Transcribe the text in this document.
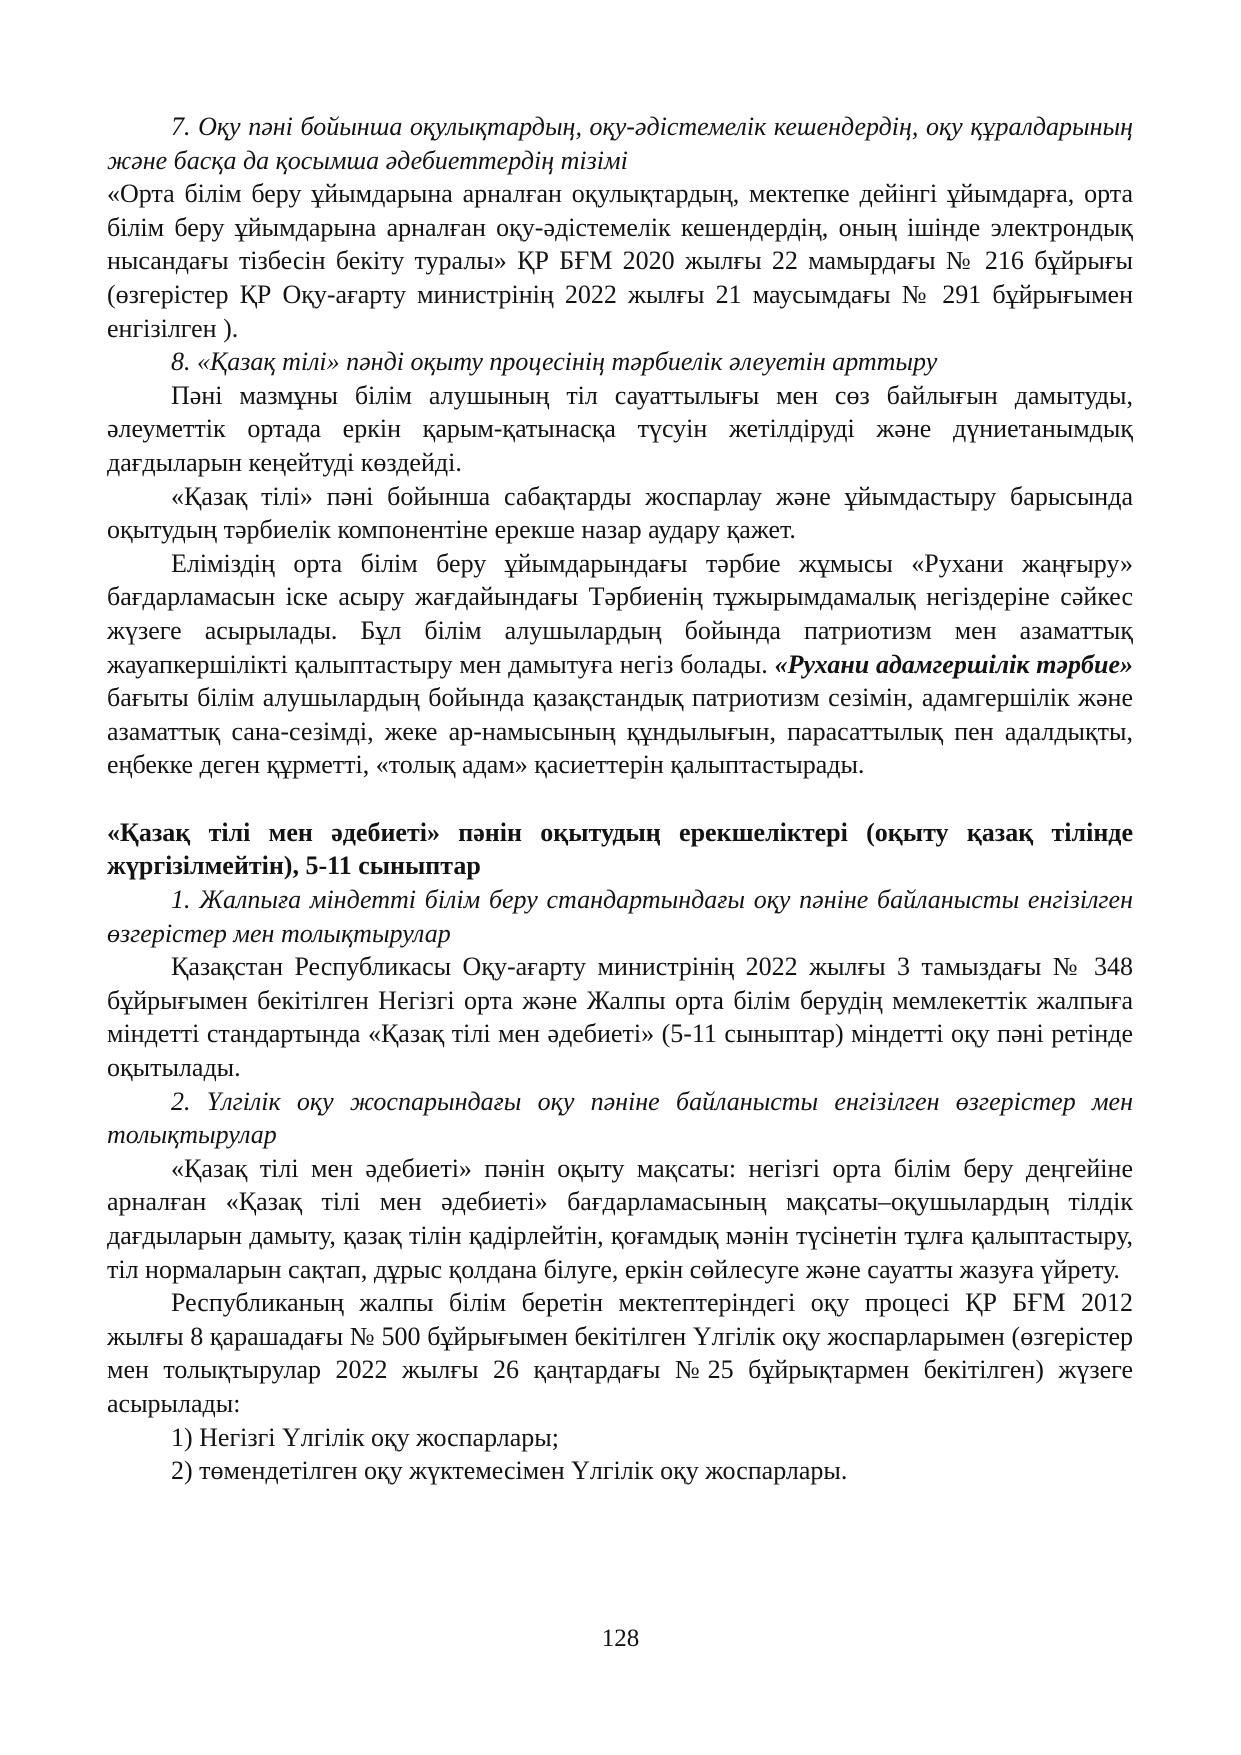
7. Оқу пәні бойынша оқулықтардың, оқу-әдістемелік кешендердің, оқу құралдарының және басқа да қосымша әдебиеттердің тізімі

«Орта білім беру ұйымдарына арналған оқулықтардың, мектепке дейінгі ұйымдарға, орта білім беру ұйымдарына арналған оқу-әдістемелік кешендердің, оның ішінде электрондық нысандағы тізбесін бекіту туралы» ҚР БҒМ 2020 жылғы 22 мамырдағы № 216 бұйрығы (өзгерістер ҚР Оқу-ағарту министрінің 2022 жылғы 21 маусымдағы № 291 бұйрығымен енгізілген ).

8. «Қазақ тілі» пәнді оқыту процесінің тәрбиелік әлеуетін арттыру

Пәні мазмұны білім алушының тіл сауаттылығы мен сөз байлығын дамытуды, әлеуметтік ортада еркін қарым-қатынасқа түсуін жетілдіруді және дүниетанымдық дағдыларын кеңейтуді көздейді.

«Қазақ тілі» пәні бойынша сабақтарды жоспарлау және ұйымдастыру барысында оқытудың тәрбиелік компонентіне ерекше назар аудару қажет.

Еліміздің орта білім беру ұйымдарындағы тәрбие жұмысы «Рухани жаңғыру» бағдарламасын іске асыру жағдайындағы Тәрбиенің тұжырымдамалық негіздеріне сәйкес жүзеге асырылады. Бұл білім алушылардың бойында патриотизм мен азаматтық жауапкершілікті қалыптастыру мен дамытуға негіз болады. «Рухани адамгершілік тәрбие» бағыты білім алушылардың бойында қазақстандық патриотизм сезімін, адамгершілік және азаматтық сана-сезімді, жеке ар-намысының құндылығын, парасаттылық пен адалдықты, еңбекке деген құрметті, «толық адам» қасиеттерін қалыптастырады.

«Қазақ тілі мен әдебиеті» пәнін оқытудың ерекшеліктері (оқыту қазақ тілінде жүргізілмейтін), 5-11 сыныптар

1. Жалпыға міндетті білім беру стандартындағы оқу пәніне байланысты енгізілген өзгерістер мен толықтырулар

Қазақстан Республикасы Оқу-ағарту министрінің 2022 жылғы 3 тамыздағы № 348 бұйрығымен бекітілген Негізгі орта және Жалпы орта білім берудің мемлекеттік жалпыға міндетті стандартында «Қазақ тілі мен әдебиеті» (5-11 сыныптар) міндетті оқу пәні ретінде оқытылады.

2. Үлгілік оқу жоспарындағы оқу пәніне байланысты енгізілген өзгерістер мен толықтырулар

«Қазақ тілі мен әдебиеті» пәнін оқыту мақсаты: негізгі орта білім беру деңгейіне арналған «Қазақ тілі мен әдебиеті» бағдарламасының мақсаты–оқушылардың тілдік дағдыларын дамыту, қазақ тілін қадірлейтін, қоғамдық мәнін түсінетін тұлға қалыптастыру, тіл нормаларын сақтап, дұрыс қолдана білуге, еркін сөйлесуге және сауатты жазуға үйрету.

Республиканың жалпы білім беретін мектептеріндегі оқу процесі ҚР БҒМ 2012 жылғы 8 қарашадағы № 500 бұйрығымен бекітілген Үлгілік оқу жоспарларымен (өзгерістер мен толықтырулар 2022 жылғы 26 қаңтардағы №25 бұйрықтармен бекітілген) жүзеге асырылады:

1) Негізгі Үлгілік оқу жоспарлары;

2) төмендетілген оқу жүктемесімен Үлгілік оқу жоспарлары.

128
